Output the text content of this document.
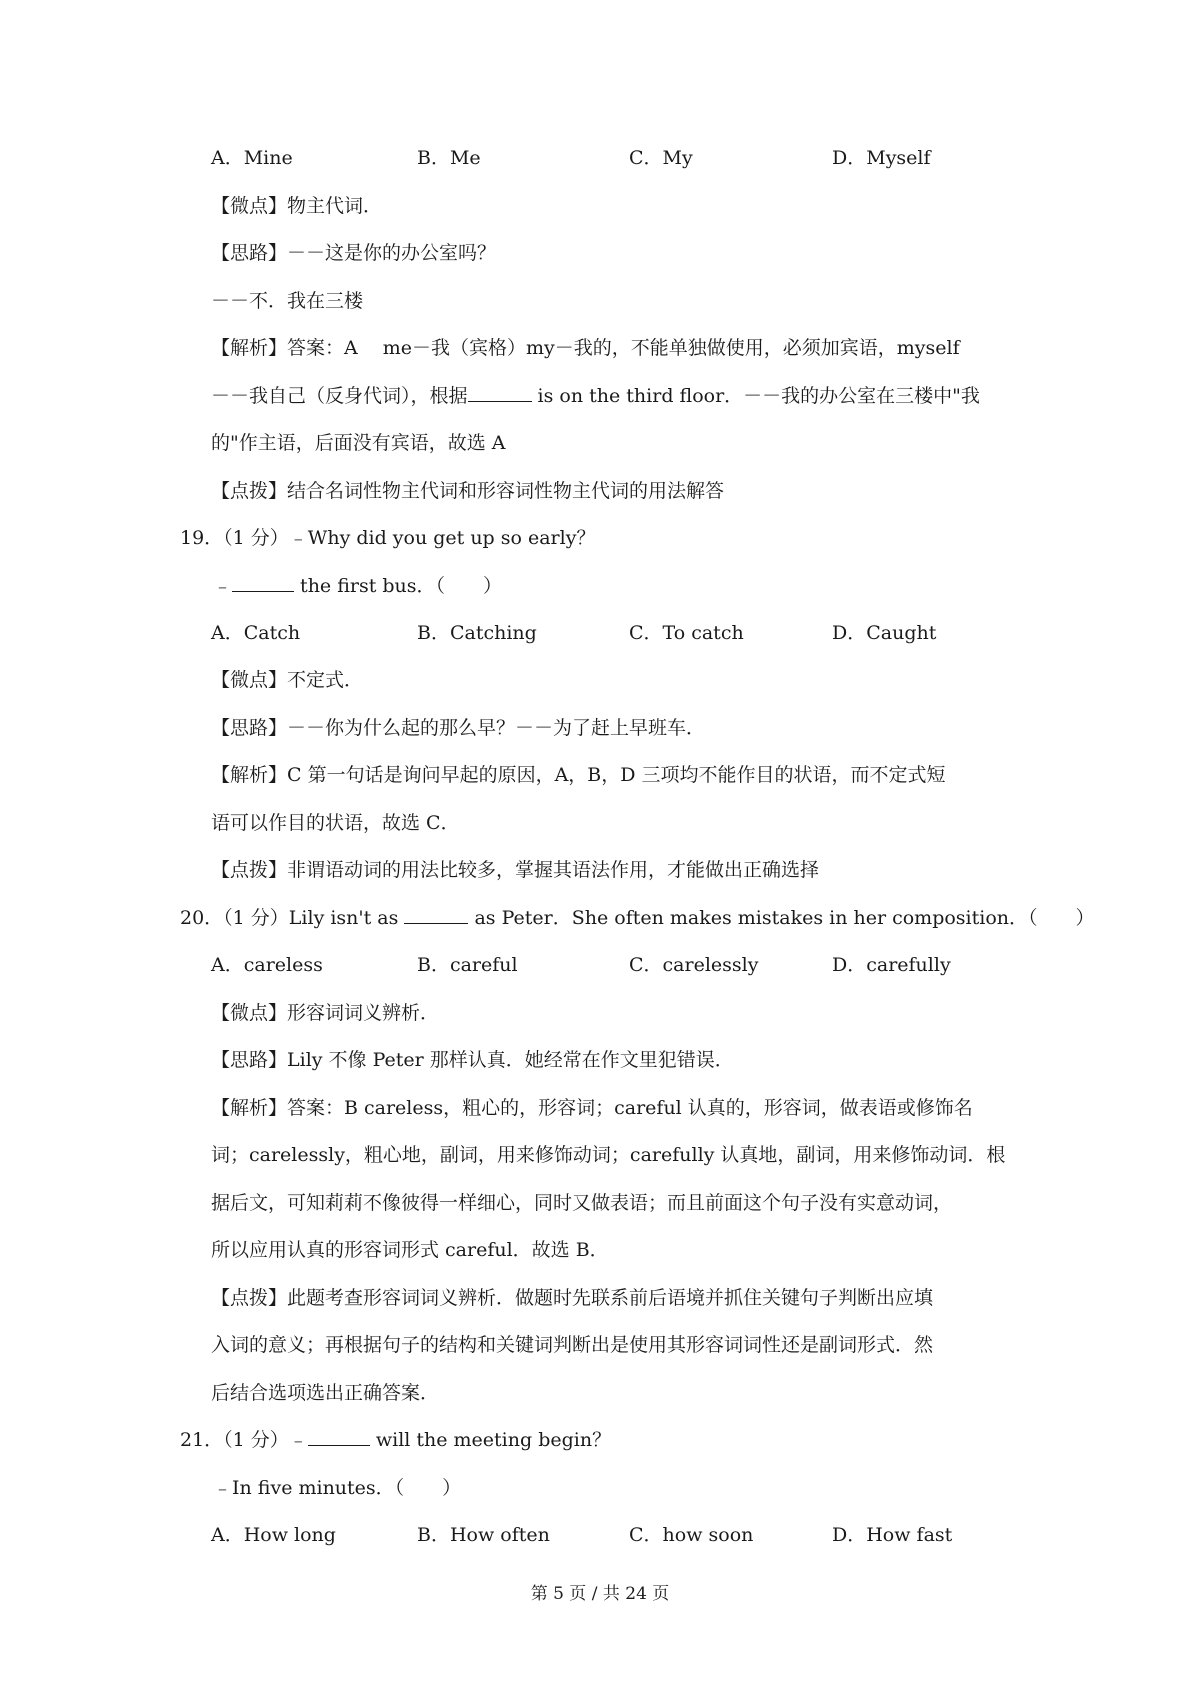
A．Mine	B．Me	C．My	D．Myself
【微点】物主代词．
【思路】－－这是你的办公室吗？
－－不．我在三楼
【解析】答案：A　 me－我（宾格）my－我的，不能单独做使用，必须加宾语，myself
－－我自己（反身代词），根据	is on the third floor．－－我的办公室在三楼中"我
的"作主语，后面没有宾语，故选 A
【点拨】结合名词性物主代词和形容词性物主代词的用法解答
19．（1 分）﹣Why did you get up so early？
﹣	the first bus．（　　）
A．Catch	B．Catching	C．To catch	D．Caught
【微点】不定式．
【思路】－－你为什么起的那么早？－－为了赶上早班车．
【解析】C 第一句话是询问早起的原因，A，B，D 三项均不能作目的状语，而不定式短
语可以作目的状语，故选 C．
【点拨】非谓语动词的用法比较多，掌握其语法作用，才能做出正确选择
20．（1 分）Lily isn't as	as Peter．She often makes mistakes in her composition．（　　）
A．careless	B．careful	C．carelessly	D．carefully
【微点】形容词词义辨析．
【思路】Lily 不像 Peter 那样认真．她经常在作文里犯错误．
【解析】答案：B careless，粗心的，形容词；careful 认真的，形容词，做表语或修饰名
词；carelessly，粗心地，副词，用来修饰动词；carefully 认真地，副词，用来修饰动词．根
据后文，可知莉莉不像彼得一样细心，同时又做表语；而且前面这个句子没有实意动词，
所以应用认真的形容词形式 careful．故选 B．
【点拨】此题考查形容词词义辨析．做题时先联系前后语境并抓住关键句子判断出应填
入词的意义；再根据句子的结构和关键词判断出是使用其形容词词性还是副词形式．然
后结合选项选出正确答案．
21．（1 分）﹣	will the meeting begin？
﹣In five minutes．（　　）
A．How long	B．How often	C．how soon	D．How fast
第 5 页 / 共 24 页
